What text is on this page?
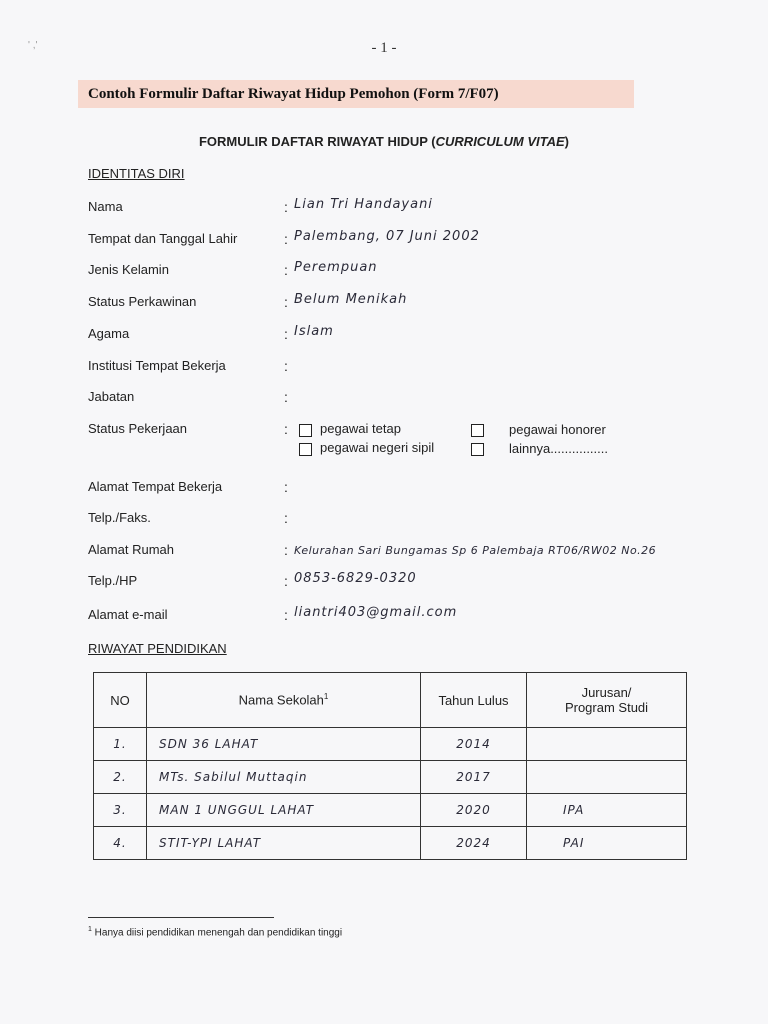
' ,'	- 1 -
Contoh Formulir Daftar Riwayat Hidup Pemohon (Form 7/F07)
FORMULIR DAFTAR RIWAYAT HIDUP (CURRICULUM VITAE)
IDENTITAS DIRI
Nama	: Lian Tri Handayani
Tempat dan Tanggal Lahir	: Palembang, 07 Juni 2002
Jenis Kelamin	: Perempuan
Status Perkawinan	: Belum Menikah
Agama	: Islam
Institusi Tempat Bekerja	:
Jabatan	:
Status Pekerjaan	: pegawai tetap	pegawai honorer
pegawai negeri sipil	lainnya................
Alamat Tempat Bekerja	:
Telp./Faks.	:
Alamat Rumah	: Kelurahan Sari Bungamas Sp 6 Palembaja RT06/RW02 No.26
Telp./HP	: 0853-6829-0320
Alamat e-mail	: liantri403@gmail.com
RIWAYAT PENDIDIKAN
NO	Nama Sekolah$^1$	Tahun Lulus	Jurusan/
Program Studi

1.	SDN 36 LAHAT	2014	
2.	MTs. Sabilul Muttaqin	2017	
3.	MAN 1 UNGGUL LAHAT	2020	IPA
4.	STIT-YPI LAHAT	2024	PAI
$^1$ Hanya diisi pendidikan menengah dan pendidikan tinggi
